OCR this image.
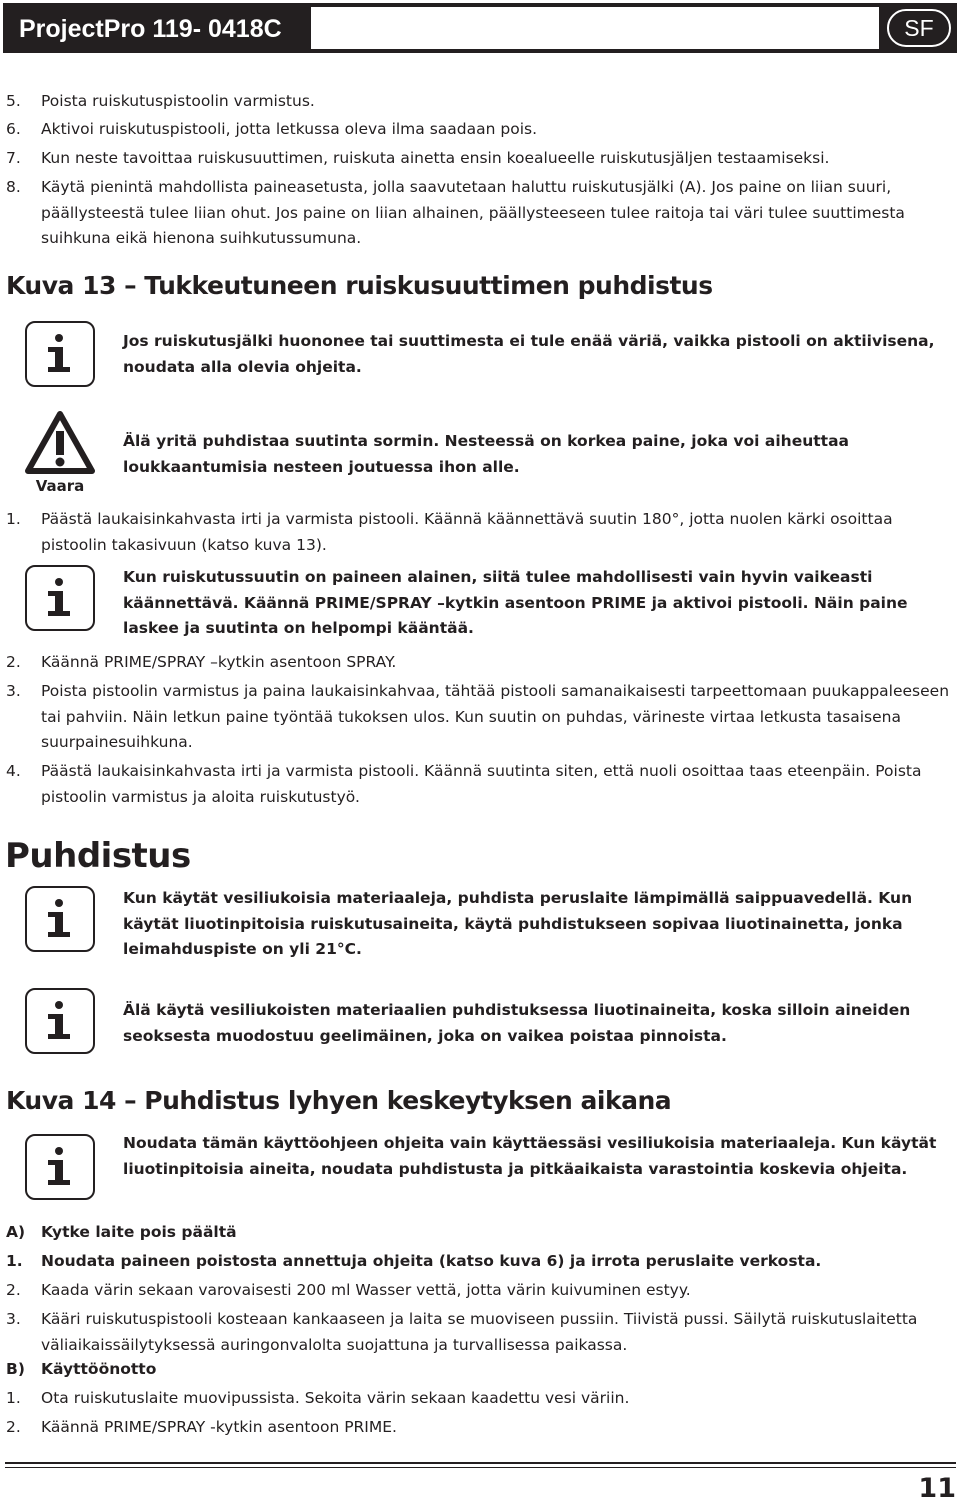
ProjectPro 119- 0418C	SF
5. Poista ruiskutuspistoolin varmistus.
6. Aktivoi ruiskutuspistooli, jotta letkussa oleva ilma saadaan pois.
7. Kun neste tavoittaa ruiskusuuttimen, ruiskuta ainetta ensin koealueelle ruiskutusjäljen testaamiseksi.
8. Käytä pienintä mahdollista paineasetusta, jolla saavutetaan haluttu ruiskutusjälki (A). Jos paine on liian suuri, päällysteestä tulee liian ohut. Jos paine on liian alhainen, päällysteeseen tulee raitoja tai väri tulee suuttimesta suihkuna eikä hienona suihkutussumuna.
Kuva 13 – Tukkeutuneen ruiskusuuttimen puhdistus
Jos ruiskutusjälki huononee tai suuttimesta ei tule enää väriä, vaikka pistooli on aktiivisena, noudata alla olevia ohjeita.
Vaara
Älä yritä puhdistaa suutinta sormin. Nesteessä on korkea paine, joka voi aiheuttaa loukkaantumisia nesteen joutuessa ihon alle.
1. Päästä laukaisinkahvasta irti ja varmista pistooli. Käännä käännettävä suutin 180°, jotta nuolen kärki osoittaa pistoolin takasivuun (katso kuva 13).
Kun ruiskutussuutin on paineen alainen, siitä tulee mahdollisesti vain hyvin vaikeasti käännettävä. Käännä PRIME/SPRAY –kytkin asentoon PRIME ja aktivoi pistooli. Näin paine laskee ja suutinta on helpompi kääntää.
2. Käännä PRIME/SPRAY –kytkin asentoon SPRAY.
3. Poista pistoolin varmistus ja paina laukaisinkahvaa, tähtää pistooli samanaikaisesti tarpeettomaan puukappaleeseen tai pahviin. Näin letkun paine työntää tukoksen ulos. Kun suutin on puhdas, värineste virtaa letkusta tasaisena suurpainesuihkuna.
4. Päästä laukaisinkahvasta irti ja varmista pistooli. Käännä suutinta siten, että nuoli osoittaa taas eteenpäin. Poista pistoolin varmistus ja aloita ruiskutustyö.
Puhdistus
Kun käytät vesiliukoisia materiaaleja, puhdista peruslaite lämpimällä saippuavedellä. Kun käytät liuotinpitoisia ruiskutusaineita, käytä puhdistukseen sopivaa liuotinainetta, jonka leimahduspiste on yli 21°C.
Älä käytä vesiliukoisten materiaalien puhdistuksessa liuotinaineita, koska silloin aineiden seoksesta muodostuu geelimäinen, joka on vaikea poistaa pinnoista.
Kuva 14 – Puhdistus lyhyen keskeytyksen aikana
Noudata tämän käyttöohjeen ohjeita vain käyttäessäsi vesiliukoisia materiaaleja. Kun käytät liuotinpitoisia aineita, noudata puhdistusta ja pitkäaikaista varastointia koskevia ohjeita.
A) Kytke laite pois päältä
1. Noudata paineen poistosta annettuja ohjeita (katso kuva 6) ja irrota peruslaite verkosta.
2. Kaada värin sekaan varovaisesti 200 ml Wasser vettä, jotta värin kuivuminen estyy.
3. Kääri ruiskutuspistooli kosteaan kankaaseen ja laita se muoviseen pussiin. Tiivistä pussi. Säilytä ruiskutuslaitetta väliaikaissäilytyksessä auringonvalolta suojattuna ja turvallisessa paikassa.
B) Käyttöönotto
1. Ota ruiskutuslaite muovipussista. Sekoita värin sekaan kaadettu vesi väriin.
2. Käännä PRIME/SPRAY -kytkin asentoon PRIME.
11
